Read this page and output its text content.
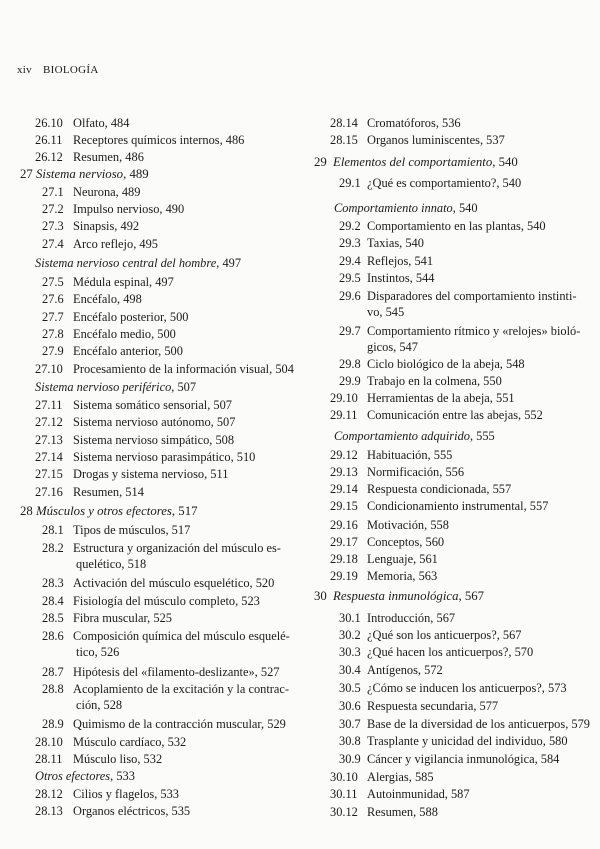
xiv BIOLOGÍA
26.10 Olfato, 484
26.11 Receptores químicos internos, 486
26.12 Resumen, 486
27 Sistema nervioso, 489
27.1 Neurona, 489
27.2 Impulso nervioso, 490
27.3 Sinapsis, 492
27.4 Arco reflejo, 495
Sistema nervioso central del hombre, 497
27.5 Médula espinal, 497
27.6 Encéfalo, 498
27.7 Encéfalo posterior, 500
27.8 Encéfalo medio, 500
27.9 Encéfalo anterior, 500
27.10 Procesamiento de la información visual, 504
Sistema nervioso periférico, 507
27.11 Sistema somático sensorial, 507
27.12 Sistema nervioso autónomo, 507
27.13 Sistema nervioso simpático, 508
27.14 Sistema nervioso parasimpático, 510
27.15 Drogas y sistema nervioso, 511
27.16 Resumen, 514
28 Músculos y otros efectores, 517
28.1 Tipos de músculos, 517
28.2 Estructura y organización del músculo es-
quelético, 518
28.3 Activación del músculo esquelético, 520
28.4 Fisiología del músculo completo, 523
28.5 Fibra muscular, 525
28.6 Composición química del músculo esquelé-
tico, 526
28.7 Hipótesis del «filamento-deslizante», 527
28.8 Acoplamiento de la excitación y la contrac-
ción, 528
28.9 Quimismo de la contracción muscular, 529
28.10 Músculo cardíaco, 532
28.11 Músculo liso, 532
Otros efectores, 533
28.12 Cilios y flagelos, 533
28.13 Organos eléctricos, 535
28.14 Cromatóforos, 536
28.15 Organos luminiscentes, 537
29 Elementos del comportamiento, 540
29.1 ¿Qué es comportamiento?, 540
Comportamiento innato, 540
29.2 Comportamiento en las plantas, 540
29.3 Taxias, 540
29.4 Reflejos, 541
29.5 Instintos, 544
29.6 Disparadores del comportamiento instinti-
vo, 545
29.7 Comportamiento rítmico y «relojes» bioló-
gicos, 547
29.8 Ciclo biológico de la abeja, 548
29.9 Trabajo en la colmena, 550
29.10 Herramientas de la abeja, 551
29.11 Comunicación entre las abejas, 552
Comportamiento adquirido, 555
29.12 Habituación, 555
29.13 Normificación, 556
29.14 Respuesta condicionada, 557
29.15 Condicionamiento instrumental, 557
29.16 Motivación, 558
29.17 Conceptos, 560
29.18 Lenguaje, 561
29.19 Memoria, 563
30 Respuesta inmunológica, 567
30.1 Introducción, 567
30.2 ¿Qué son los anticuerpos?, 567
30.3 ¿Qué hacen los anticuerpos?, 570
30.4 Antígenos, 572
30.5 ¿Cómo se inducen los anticuerpos?, 573
30.6 Respuesta secundaria, 577
30.7 Base de la diversidad de los anticuerpos, 579
30.8 Trasplante y unicidad del individuo, 580
30.9 Cáncer y vigilancia inmunológica, 584
30.10 Alergias, 585
30.11 Autoinmunidad, 587
30.12 Resumen, 588
